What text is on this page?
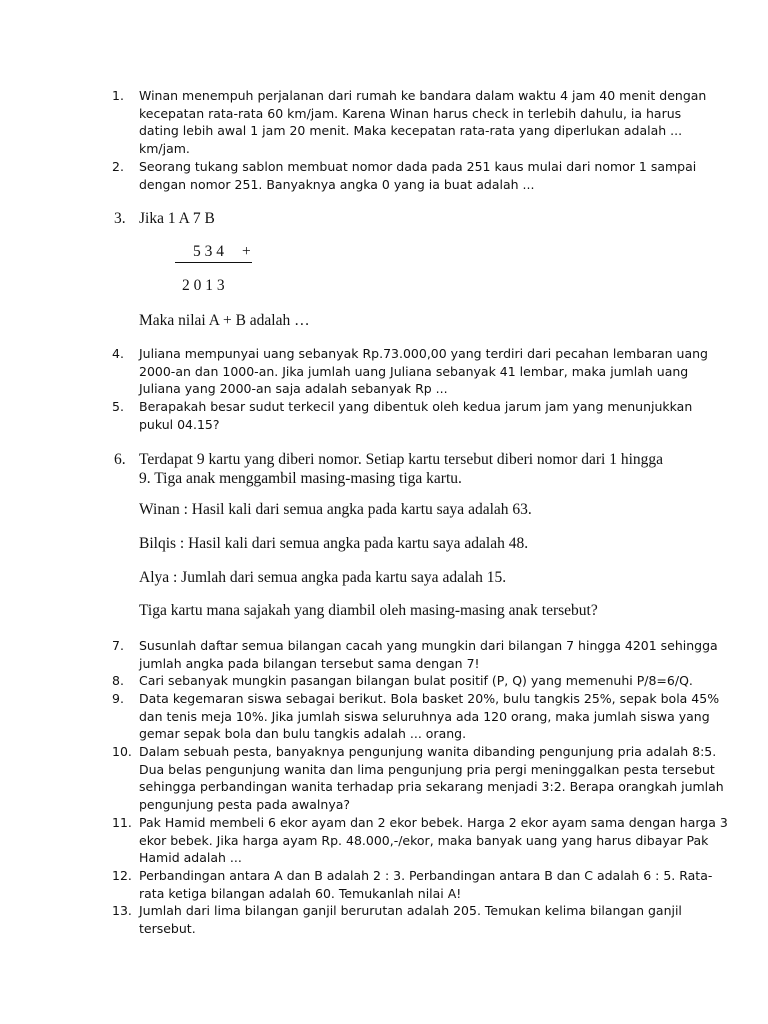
1.	Winan menempuh perjalanan dari rumah ke bandara dalam waktu 4 jam 40 menit dengan
kecepatan rata-rata 60 km/jam. Karena Winan harus check in terlebih dahulu, ia harus
dating lebih awal 1 jam 20 menit. Maka kecepatan rata-rata yang diperlukan adalah ...
km/jam.
2.	Seorang tukang sablon membuat nomor dada pada 251 kaus mulai dari nomor 1 sampai
dengan nomor 251. Banyaknya angka 0 yang ia buat adalah ...
3. Jika 1 A 7 B
5 3 4 +
2 0 1 3
Maka nilai A + B adalah …
4.	Juliana mempunyai uang sebanyak Rp.73.000,00 yang terdiri dari pecahan lembaran uang
2000-an dan 1000-an. Jika jumlah uang Juliana sebanyak 41 lembar, maka jumlah uang
Juliana yang 2000-an saja adalah sebanyak Rp ...
5.	Berapakah besar sudut terkecil yang dibentuk oleh kedua jarum jam yang menunjukkan
pukul 04.15?
6. Terdapat 9 kartu yang diberi nomor. Setiap kartu tersebut diberi nomor dari 1 hingga
9. Tiga anak menggambil masing-masing tiga kartu.
Winan : Hasil kali dari semua angka pada kartu saya adalah 63.
Bilqis : Hasil kali dari semua angka pada kartu saya adalah 48.
Alya : Jumlah dari semua angka pada kartu saya adalah 15.
Tiga kartu mana sajakah yang diambil oleh masing-masing anak tersebut?
7.	Susunlah daftar semua bilangan cacah yang mungkin dari bilangan 7 hingga 4201 sehingga
jumlah angka pada bilangan tersebut sama dengan 7!
8.	Cari sebanyak mungkin pasangan bilangan bulat positif (P, Q) yang memenuhi P/8=6/Q.
9.	Data kegemaran siswa sebagai berikut. Bola basket 20%, bulu tangkis 25%, sepak bola 45%
dan tenis meja 10%. Jika jumlah siswa seluruhnya ada 120 orang, maka jumlah siswa yang
gemar sepak bola dan bulu tangkis adalah ... orang.
10. Dalam sebuah pesta, banyaknya pengunjung wanita dibanding pengunjung pria adalah 8:5.
Dua belas pengunjung wanita dan lima pengunjung pria pergi meninggalkan pesta tersebut
sehingga perbandingan wanita terhadap pria sekarang menjadi 3:2. Berapa orangkah jumlah
pengunjung pesta pada awalnya?
11. Pak Hamid membeli 6 ekor ayam dan 2 ekor bebek. Harga 2 ekor ayam sama dengan harga 3
ekor bebek. Jika harga ayam Rp. 48.000,-/ekor, maka banyak uang yang harus dibayar Pak
Hamid adalah ...
12. Perbandingan antara A dan B adalah 2 : 3. Perbandingan antara B dan C adalah 6 : 5. Rata-
rata ketiga bilangan adalah 60. Temukanlah nilai A!
13. Jumlah dari lima bilangan ganjil berurutan adalah 205. Temukan kelima bilangan ganjil
tersebut.
